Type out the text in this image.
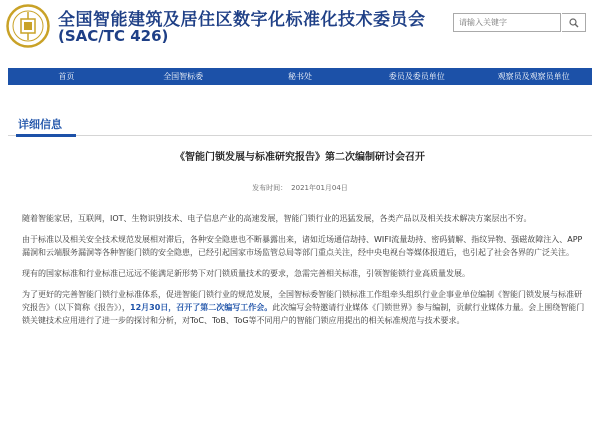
全国智能建筑及居住区数字化标准化技术委员会
(SAC/TC 426)
请输入关键字
首页	全国智标委	秘书处	委员及委员单位	观察员及观察员单位
详细信息
《智能门锁发展与标准研究报告》第二次编制研讨会召开
发布时间： 2021年01月04日

随着智能家居，互联网，IOT、生物识别技术、电子信息产业的高速发展，智能门锁行业的迅猛发展，各类产品以及相关技术解决方案层出不穷。

由于标准以及相关安全技术规范发展相对滞后，各种安全隐患也不断暴露出来，诸如近场通信劫持、WIFI流量劫持、密码猜解、指纹异物、强磁故障注入、APP漏洞和云端服务漏洞等各种智能门锁的安全隐患，已经引起国家市场监管总局等部门重点关注，经中央电视台等媒体报道后，也引起了社会各界的广泛关注。

现有的国家标准和行业标准已远远不能满足新形势下对门锁质量技术的要求，急需完善相关标准，引领智能锁行业高质量发展。

为了更好的完善智能门锁行业标准体系，促进智能门锁行业的规范发展，全国智标委智能门锁标准工作组牵头组织行业企事业单位编制《智能门锁发展与标准研究报告》（以下简称《报告》），12月30日，召开了第二次编写工作会。此次编写会特邀请行业媒体《门锁世界》参与编制，贡献行业媒体力量。会上围绕智能门锁关键技术应用进行了进一步的探讨和分析，对ToC、ToB、ToG等不同用户的智能门锁应用提出的相关标准规范与技术要求。
